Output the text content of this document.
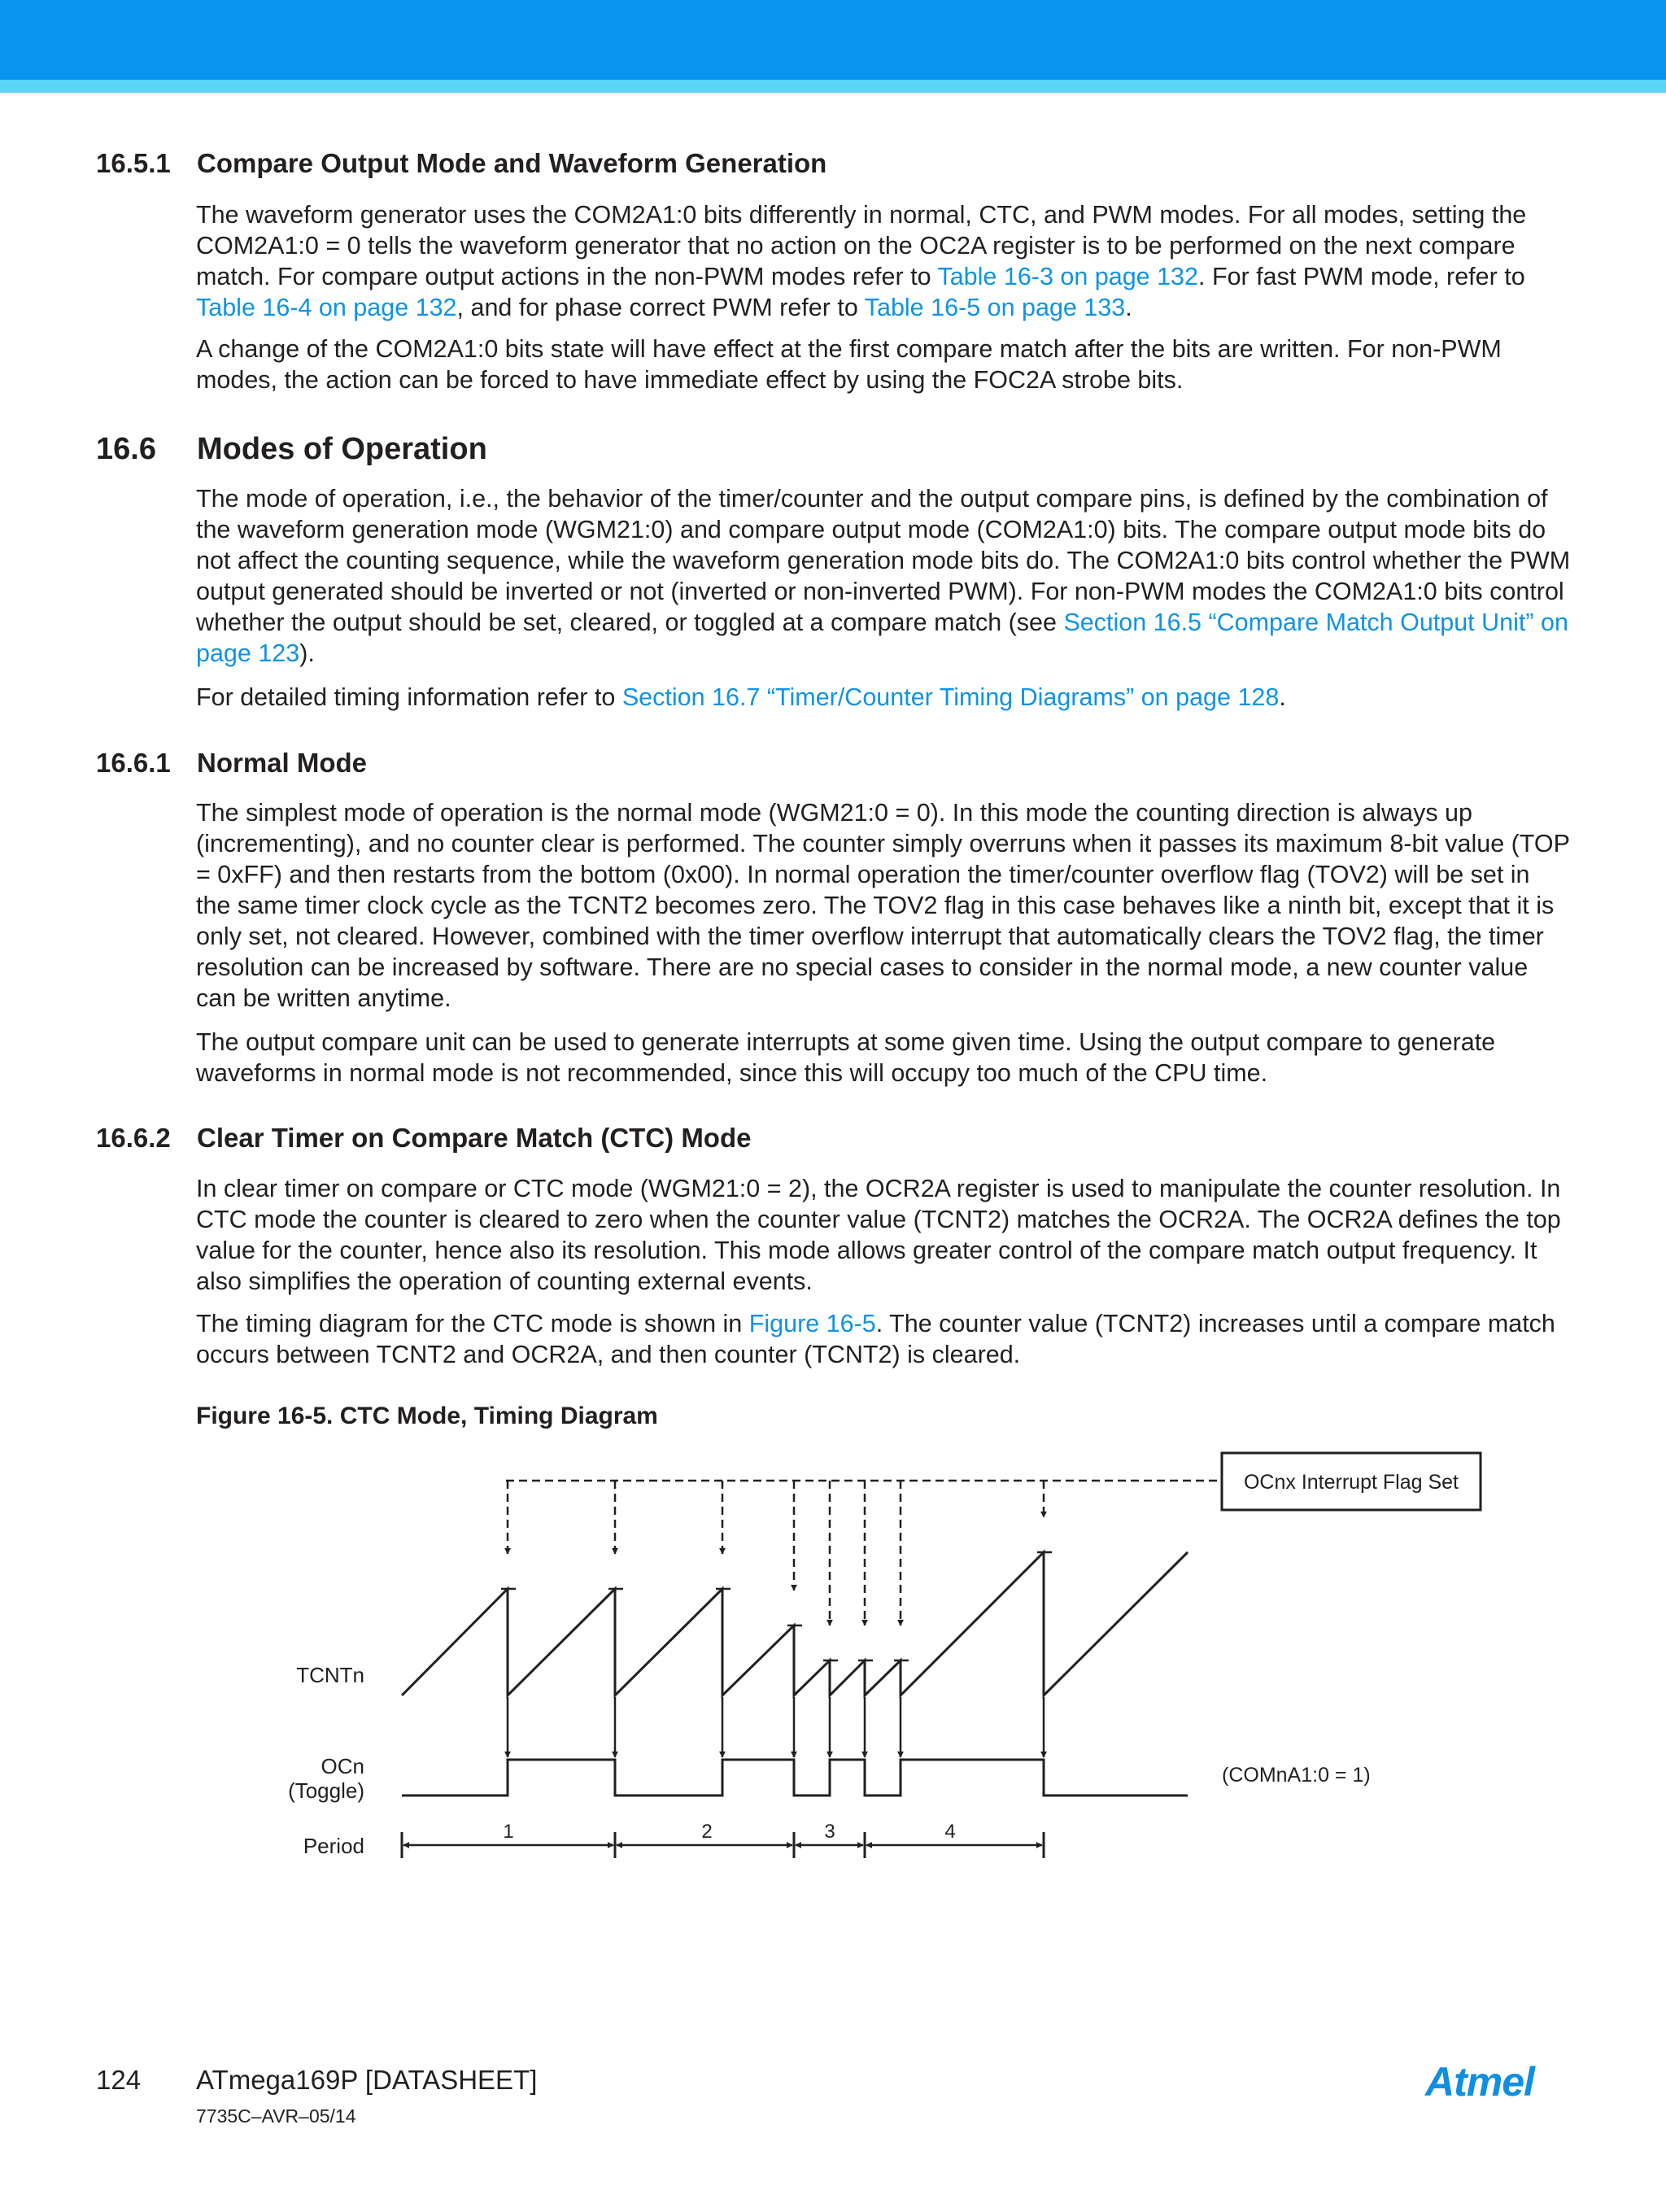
16.5.1 Compare Output Mode and Waveform Generation

The waveform generator uses the COM2A1:0 bits differently in normal, CTC, and PWM modes. For all modes, setting the COM2A1:0 = 0 tells the waveform generator that no action on the OC2A register is to be performed on the next compare match. For compare output actions in the non-PWM modes refer to Table 16-3 on page 132. For fast PWM mode, refer to Table 16-4 on page 132, and for phase correct PWM refer to Table 16-5 on page 133.

A change of the COM2A1:0 bits state will have effect at the first compare match after the bits are written. For non-PWM modes, the action can be forced to have immediate effect by using the FOC2A strobe bits.

16.6	Modes of Operation

The mode of operation, i.e., the behavior of the timer/counter and the output compare pins, is defined by the combination of the waveform generation mode (WGM21:0) and compare output mode (COM2A1:0) bits. The compare output mode bits do not affect the counting sequence, while the waveform generation mode bits do. The COM2A1:0 bits control whether the PWM output generated should be inverted or not (inverted or non-inverted PWM). For non-PWM modes the COM2A1:0 bits control whether the output should be set, cleared, or toggled at a compare match (see Section 16.5 “Compare Match Output Unit” on page 123).

For detailed timing information refer to Section 16.7 “Timer/Counter Timing Diagrams” on page 128.

16.6.1 Normal Mode

The simplest mode of operation is the normal mode (WGM21:0 = 0). In this mode the counting direction is always up (incrementing), and no counter clear is performed. The counter simply overruns when it passes its maximum 8-bit value (TOP = 0xFF) and then restarts from the bottom (0x00). In normal operation the timer/counter overflow flag (TOV2) will be set in the same timer clock cycle as the TCNT2 becomes zero. The TOV2 flag in this case behaves like a ninth bit, except that it is only set, not cleared. However, combined with the timer overflow interrupt that automatically clears the TOV2 flag, the timer resolution can be increased by software. There are no special cases to consider in the normal mode, a new counter value can be written anytime.

The output compare unit can be used to generate interrupts at some given time. Using the output compare to generate waveforms in normal mode is not recommended, since this will occupy too much of the CPU time.

16.6.2 Clear Timer on Compare Match (CTC) Mode

In clear timer on compare or CTC mode (WGM21:0 = 2), the OCR2A register is used to manipulate the counter resolution. In CTC mode the counter is cleared to zero when the counter value (TCNT2) matches the OCR2A. The OCR2A defines the top value for the counter, hence also its resolution. This mode allows greater control of the compare match output frequency. It also simplifies the operation of counting external events.

The timing diagram for the CTC mode is shown in Figure 16-5. The counter value (TCNT2) increases until a compare match occurs between TCNT2 and OCR2A, and then counter (TCNT2) is cleared.

Figure 16-5. CTC Mode, Timing Diagram

OCnx Interrupt Flag Set
TCNTn
OCn
(Toggle)
(COMnA1:0 = 1)
Period
1	2	3	4
124 ATmega169P [DATASHEET]
7735C–AVR–05/14
Atmel
